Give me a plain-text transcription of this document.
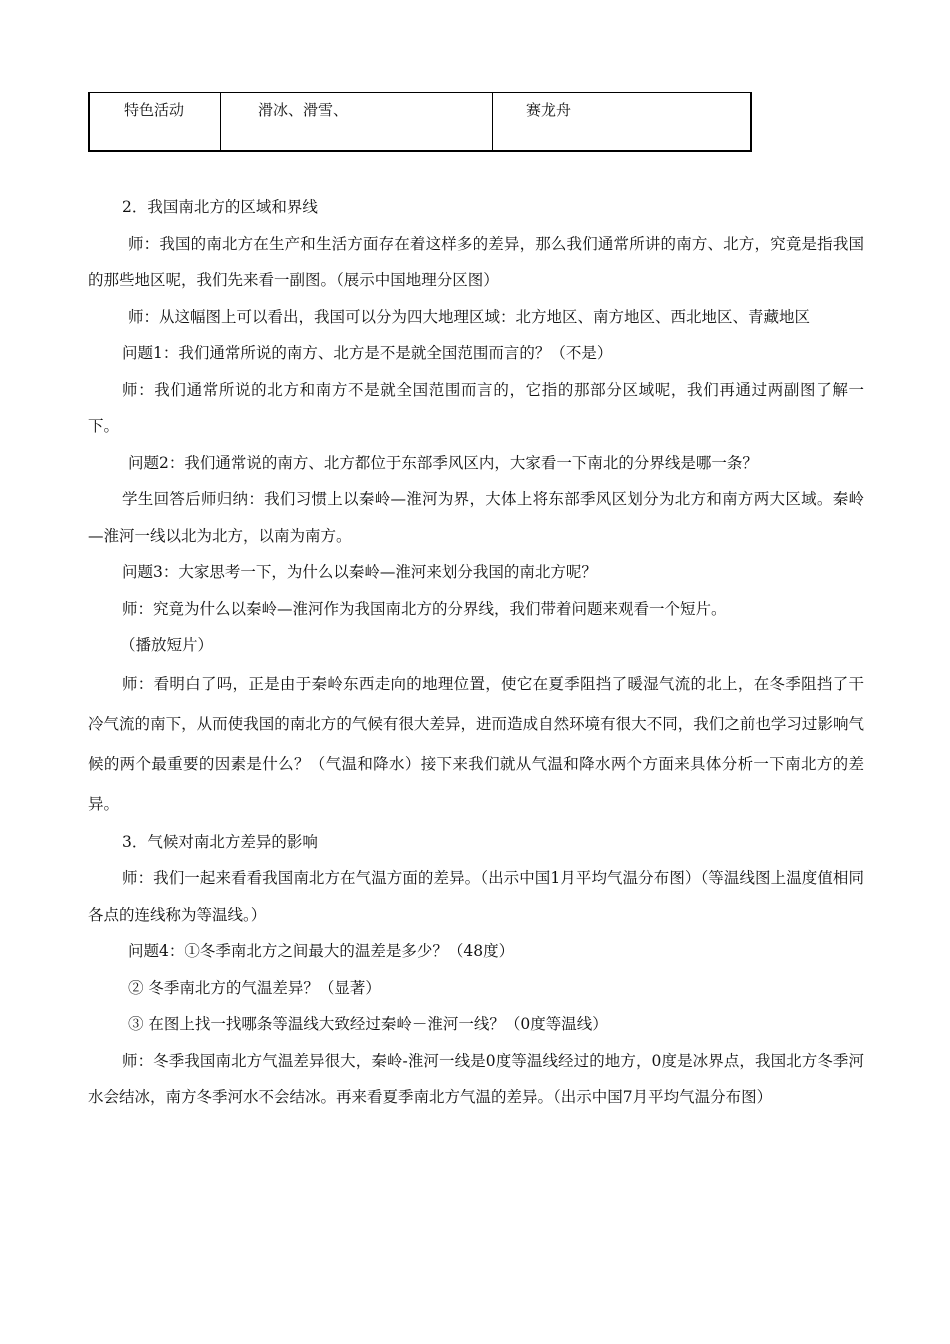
特色活动	滑冰、滑雪、	赛龙舟

2．我国南北方的区域和界线

师：我国的南北方在生产和生活方面存在着这样多的差异，那么我们通常所讲的南方、北方，究竟是指我国的那些地区呢，我们先来看一副图。（展示中国地理分区图）

师：从这幅图上可以看出，我国可以分为四大地理区域：北方地区、南方地区、西北地区、青藏地区

问题1：我们通常所说的南方、北方是不是就全国范围而言的？（不是）

师：我们通常所说的北方和南方不是就全国范围而言的，它指的那部分区域呢，我们再通过两副图了解一下。

问题2：我们通常说的南方、北方都位于东部季风区内，大家看一下南北的分界线是哪一条？

学生回答后师归纳：我们习惯上以秦岭—淮河为界，大体上将东部季风区划分为北方和南方两大区域。秦岭—淮河一线以北为北方，以南为南方。

问题3：大家思考一下，为什么以秦岭—淮河来划分我国的南北方呢？

师：究竟为什么以秦岭—淮河作为我国南北方的分界线，我们带着问题来观看一个短片。

（播放短片）

师：看明白了吗，正是由于秦岭东西走向的地理位置，使它在夏季阻挡了暖湿气流的北上，在冬季阻挡了干冷气流的南下，从而使我国的南北方的气候有很大差异，进而造成自然环境有很大不同，我们之前也学习过影响气候的两个最重要的因素是什么？（气温和降水）接下来我们就从气温和降水两个方面来具体分析一下南北方的差异。

3．气候对南北方差异的影响

师：我们一起来看看我国南北方在气温方面的差异。（出示中国1月平均气温分布图）（等温线图上温度值相同各点的连线称为等温线。）

问题4：①冬季南北方之间最大的温差是多少？（48度）

② 冬季南北方的气温差异？（显著）

③ 在图上找一找哪条等温线大致经过秦岭－淮河一线？（0度等温线）

师：冬季我国南北方气温差异很大，秦岭-淮河一线是0度等温线经过的地方，0度是冰界点，我国北方冬季河水会结冰，南方冬季河水不会结冰。再来看夏季南北方气温的差异。（出示中国7月平均气温分布图）
